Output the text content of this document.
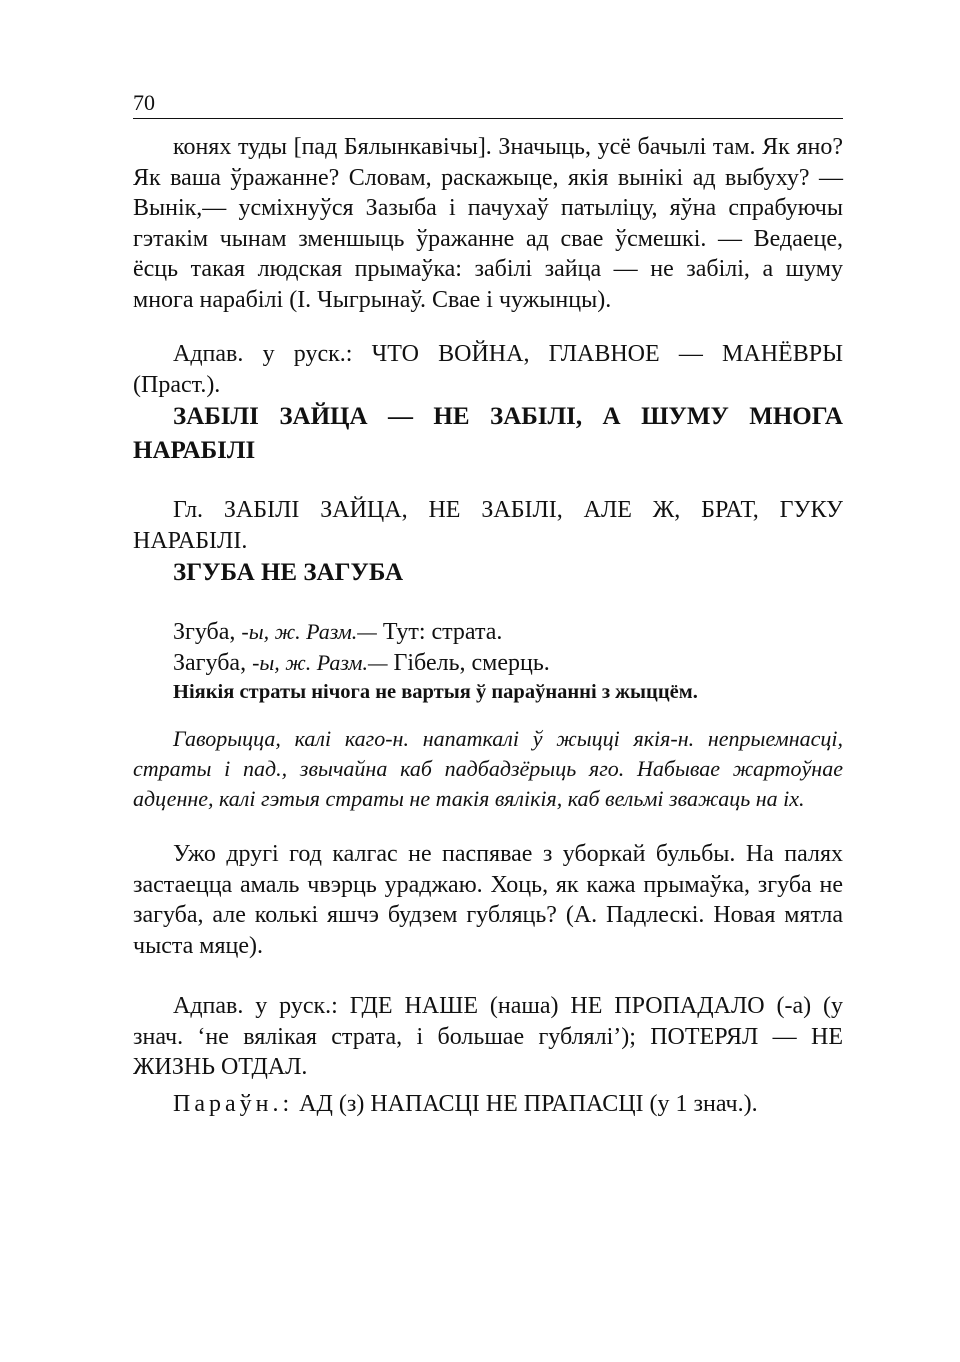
70

коняx туды [пад Бялынкавічы]. Значыць, усё бачылі там. Як яно? Як ваша ўражанне? Словам, раскажыце, якія вынікі ад выбуху? — Вынік,— усміхнуўся Зазыба і пачухаў патыліцу, яўна спрабуючы гэтакім чынам зменшыць ўражанне ад свае ўсмешкі. — Ведаеце, ёсць такая людская прымаўка: забілі зайца — не забілі, а шуму многа нарабілі (І. Чыгрынаў. Свае і чужынцы).

Адпав. у руск.: ЧТО ВОЙНА, ГЛАВНОЕ — МАНЁВРЫ (Праст.).

ЗАБІЛІ ЗАЙЦА — НЕ ЗАБІЛІ, А ШУМУ МНОГА НАРАБІЛІ

Гл. ЗАБІЛІ ЗАЙЦА, НЕ ЗАБІЛІ, АЛЕ Ж, БРАТ, ГУКУ НАРАБІЛІ.

ЗГУБА НЕ ЗАГУБА

Згуба, -ы, ж. Разм.— Тут: страта.

Загуба, -ы, ж. Разм.— Гібель, смерць.

Ніякія страты нічога не вартыя ў параўнанні з жыццём.

Гаворыцца, калі каго-н. напаткалі ў жыцці якія-н. непрыемнасці, страты і пад., звычайна каб падбадзёрыць яго. Набывае жартоўнае адценне, калі гэтыя страты не такія вялікія, каб вельмі зважаць на іх.

Ужо другі год калгас не паспявае з уборкай бульбы. На палях застаецца амаль чвэрць ураджаю. Хоць, як кажа прымаўка, згуба не загуба, але колькі яшчэ будзем губляць? (А. Падлескі. Новая мятла чыста мяце).

Адпав. у руск.: ГДЕ НАШЕ (наша) НЕ ПРОПАДАЛО (-а) (у знач. ‘не вялікая страта, і большае гублялі’); ПОТЕРЯЛ — НЕ ЖИЗНЬ ОТДАЛ.

Параўн.: АД (з) НАПАСЦІ НЕ ПРАПАСЦІ (у 1 знач.).
